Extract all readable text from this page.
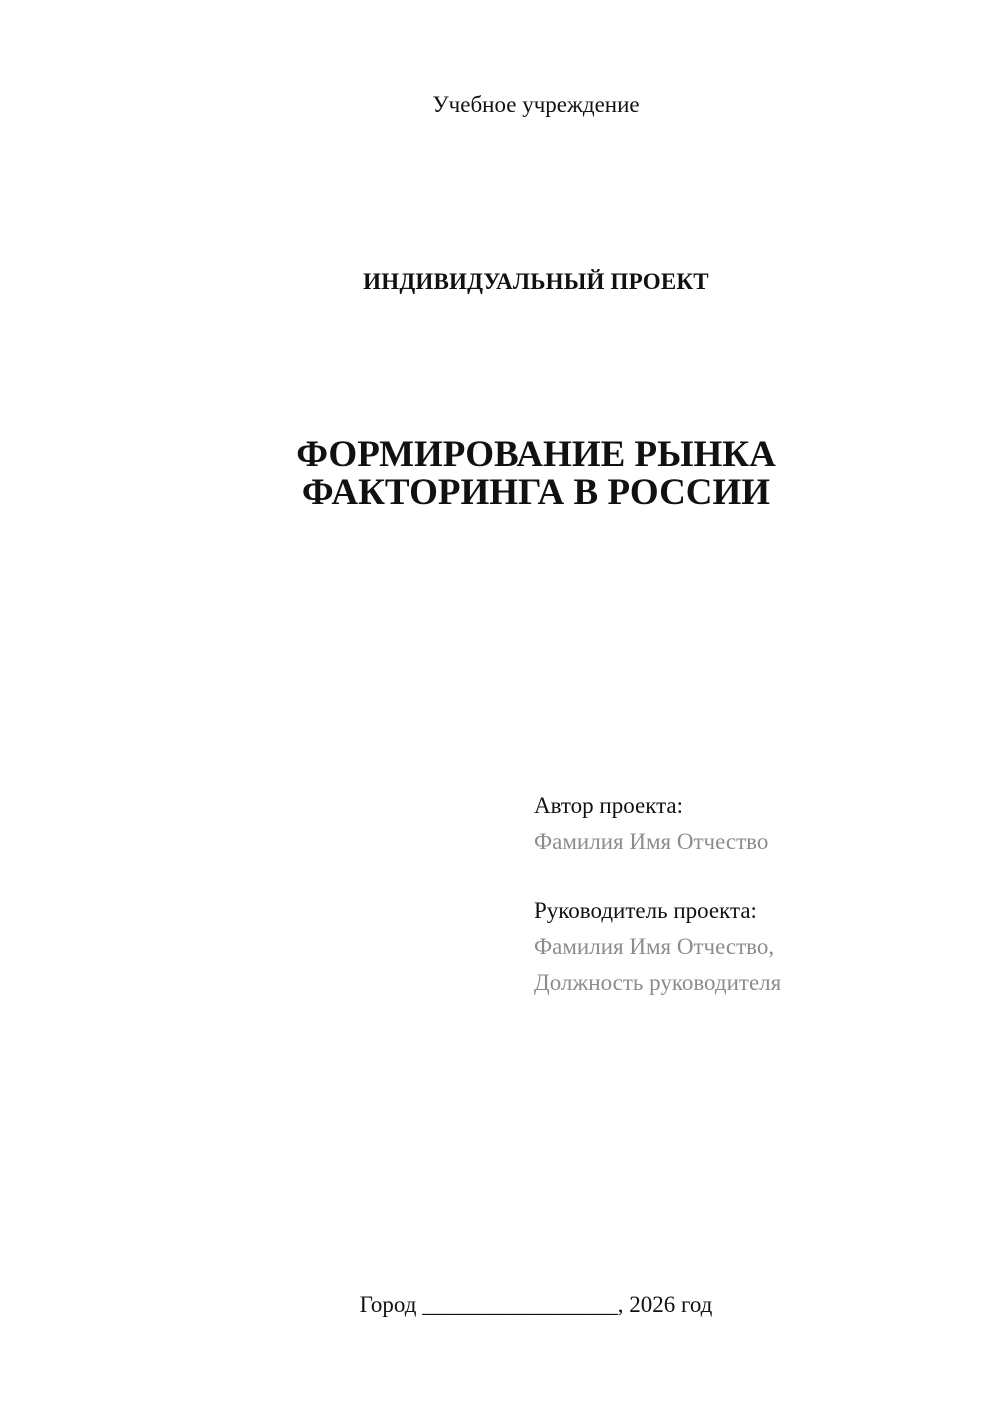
Учебное учреждение
ИНДИВИДУАЛЬНЫЙ ПРОЕКТ
ФОРМИРОВАНИЕ РЫНКА
ФАКТОРИНГА В РОССИИ
Автор проекта:
Фамилия Имя Отчество
Руководитель проекта:
Фамилия Имя Отчество,
Должность руководителя
Город _________________, 2026 год
